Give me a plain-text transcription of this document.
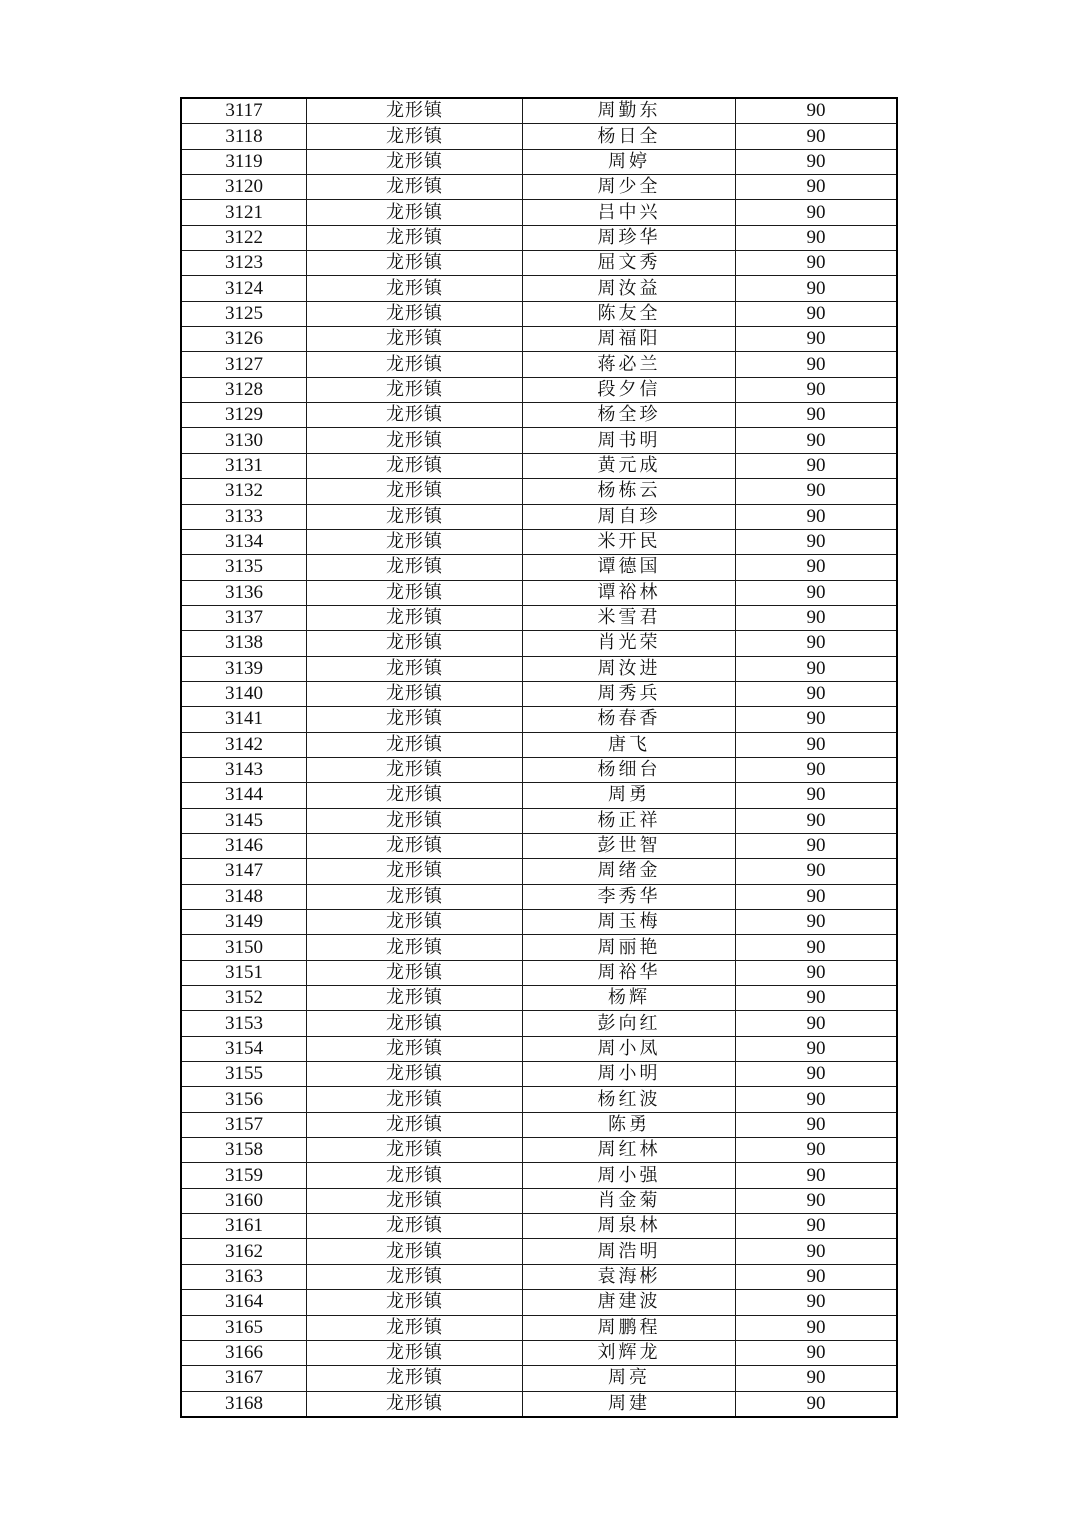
3117	龙形镇	周勤东	90
3118	龙形镇	杨日全	90
3119	龙形镇	周婷	90
3120	龙形镇	周少全	90
3121	龙形镇	吕中兴	90
3122	龙形镇	周珍华	90
3123	龙形镇	屈文秀	90
3124	龙形镇	周汝益	90
3125	龙形镇	陈友全	90
3126	龙形镇	周福阳	90
3127	龙形镇	蒋必兰	90
3128	龙形镇	段夕信	90
3129	龙形镇	杨全珍	90
3130	龙形镇	周书明	90
3131	龙形镇	黄元成	90
3132	龙形镇	杨栋云	90
3133	龙形镇	周自珍	90
3134	龙形镇	米开民	90
3135	龙形镇	谭德国	90
3136	龙形镇	谭裕林	90
3137	龙形镇	米雪君	90
3138	龙形镇	肖光荣	90
3139	龙形镇	周汝进	90
3140	龙形镇	周秀兵	90
3141	龙形镇	杨春香	90
3142	龙形镇	唐飞	90
3143	龙形镇	杨细台	90
3144	龙形镇	周勇	90
3145	龙形镇	杨正祥	90
3146	龙形镇	彭世智	90
3147	龙形镇	周绪金	90
3148	龙形镇	李秀华	90
3149	龙形镇	周玉梅	90
3150	龙形镇	周丽艳	90
3151	龙形镇	周裕华	90
3152	龙形镇	杨辉	90
3153	龙形镇	彭向红	90
3154	龙形镇	周小凤	90
3155	龙形镇	周小明	90
3156	龙形镇	杨红波	90
3157	龙形镇	陈勇	90
3158	龙形镇	周红林	90
3159	龙形镇	周小强	90
3160	龙形镇	肖金菊	90
3161	龙形镇	周泉林	90
3162	龙形镇	周浩明	90
3163	龙形镇	袁海彬	90
3164	龙形镇	唐建波	90
3165	龙形镇	周鹏程	90
3166	龙形镇	刘辉龙	90
3167	龙形镇	周亮	90
3168	龙形镇	周建	90
